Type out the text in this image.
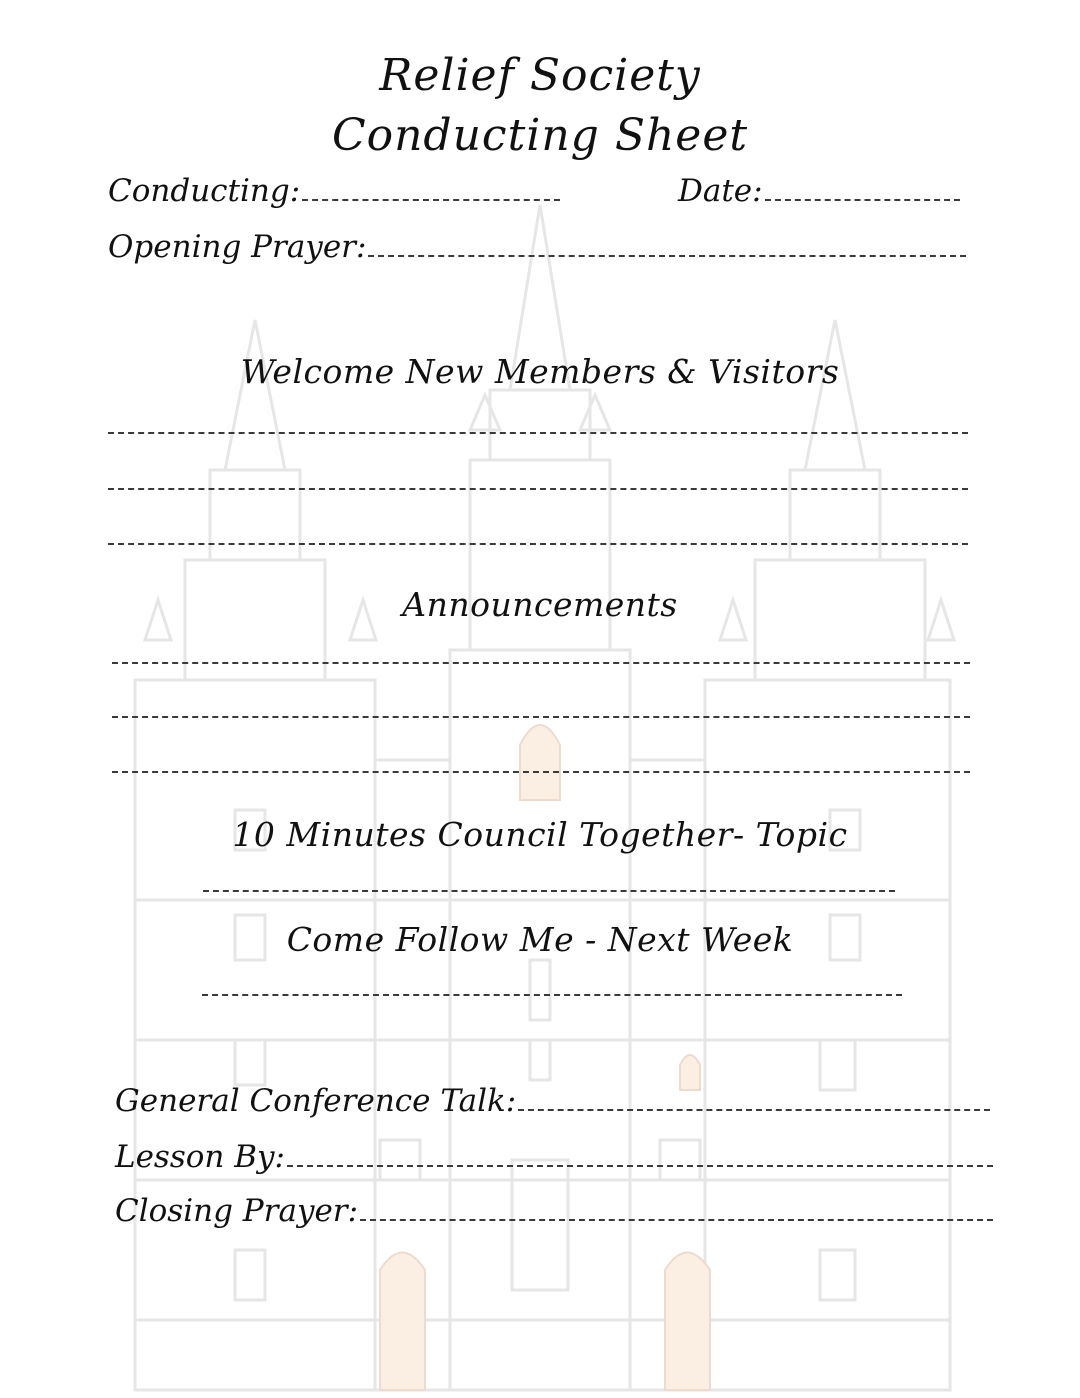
Relief Society
Conducting Sheet
Conducting:	Date:
Opening Prayer:
Welcome New Members & Visitors
Announcements
10 Minutes Council Together- Topic
Come Follow Me - Next Week
General Conference Talk:
Lesson By:
Closing Prayer:
